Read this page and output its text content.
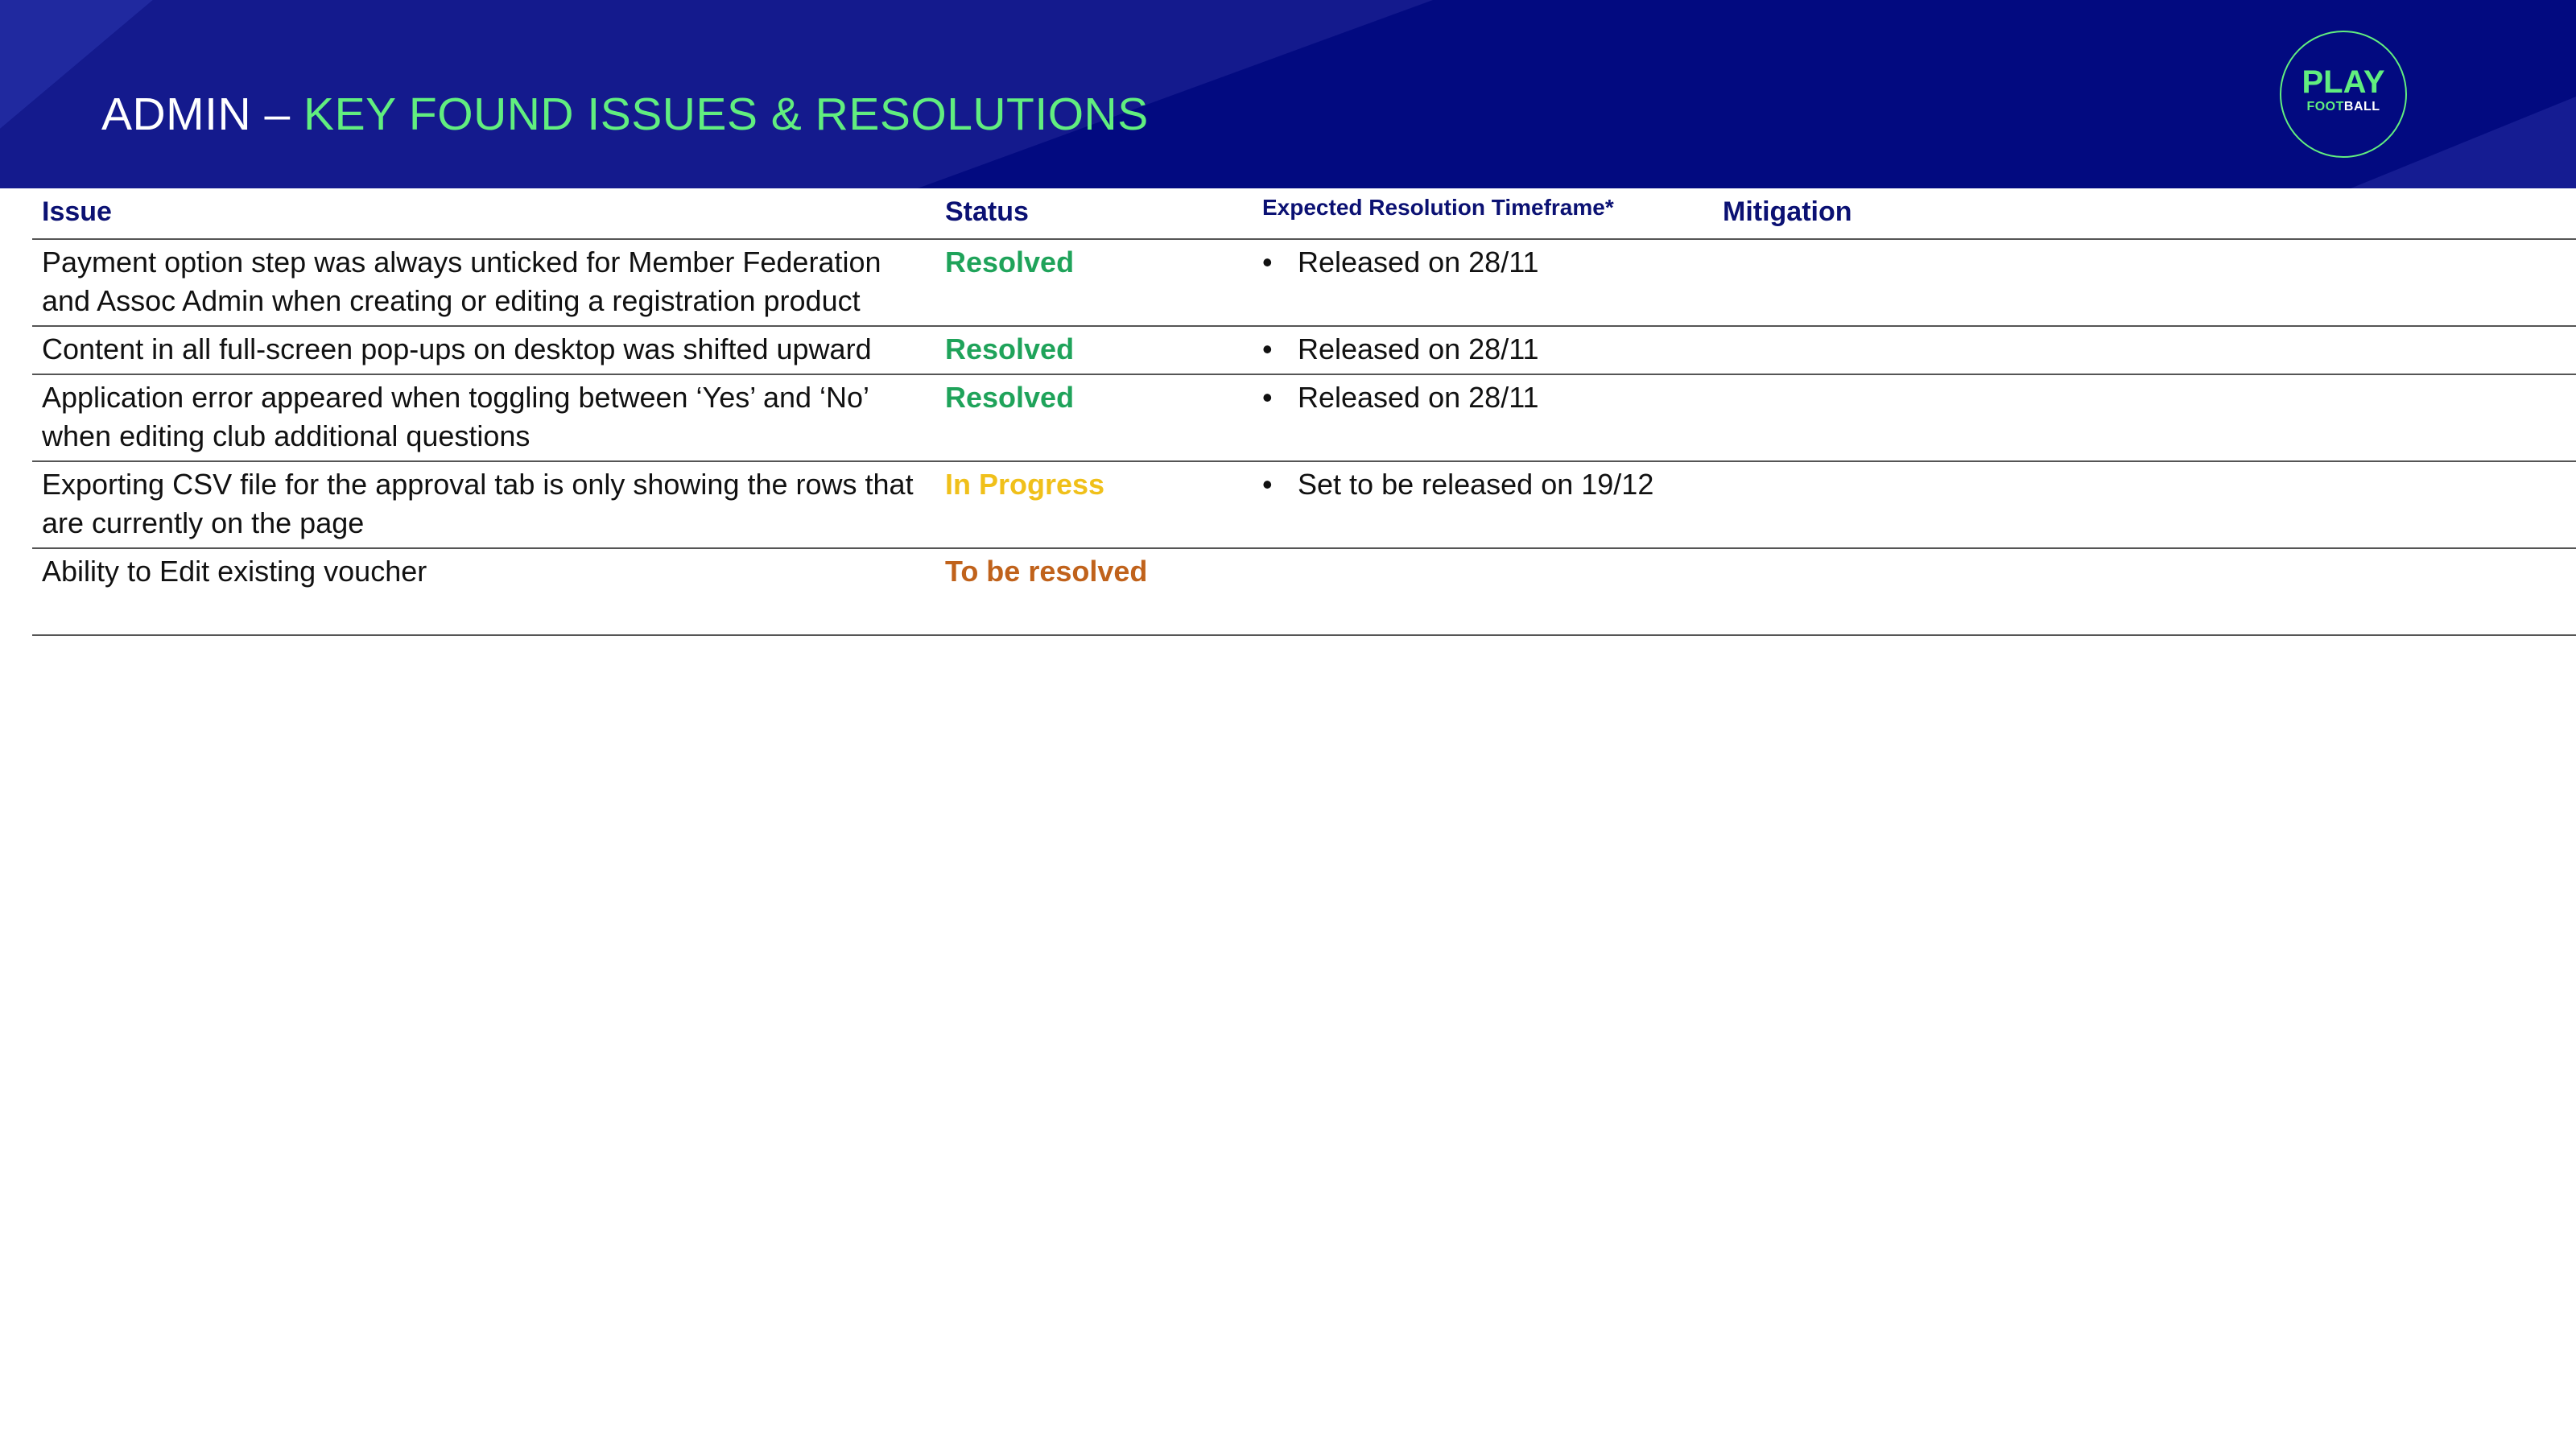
ADMIN – KEY FOUND ISSUES & RESOLUTIONS
PLAY
FOOTBALL
Issue	Status	Expected Resolution Timeframe*	Mitigation
Payment option step was always unticked for Member Federation and Assoc Admin when creating or editing a registration product	Resolved	• Released on 28/11	

Content in all full-screen pop-ups on desktop was shifted upward	Resolved	• Released on 28/11	

Application error appeared when toggling between ‘Yes’ and ‘No’ when editing club additional questions	Resolved	• Released on 28/11	

Exporting CSV file for the approval tab is only showing the rows that are currently on the page	In Progress	• Set to be released on 19/12	

Ability to Edit existing voucher	To be resolved		
